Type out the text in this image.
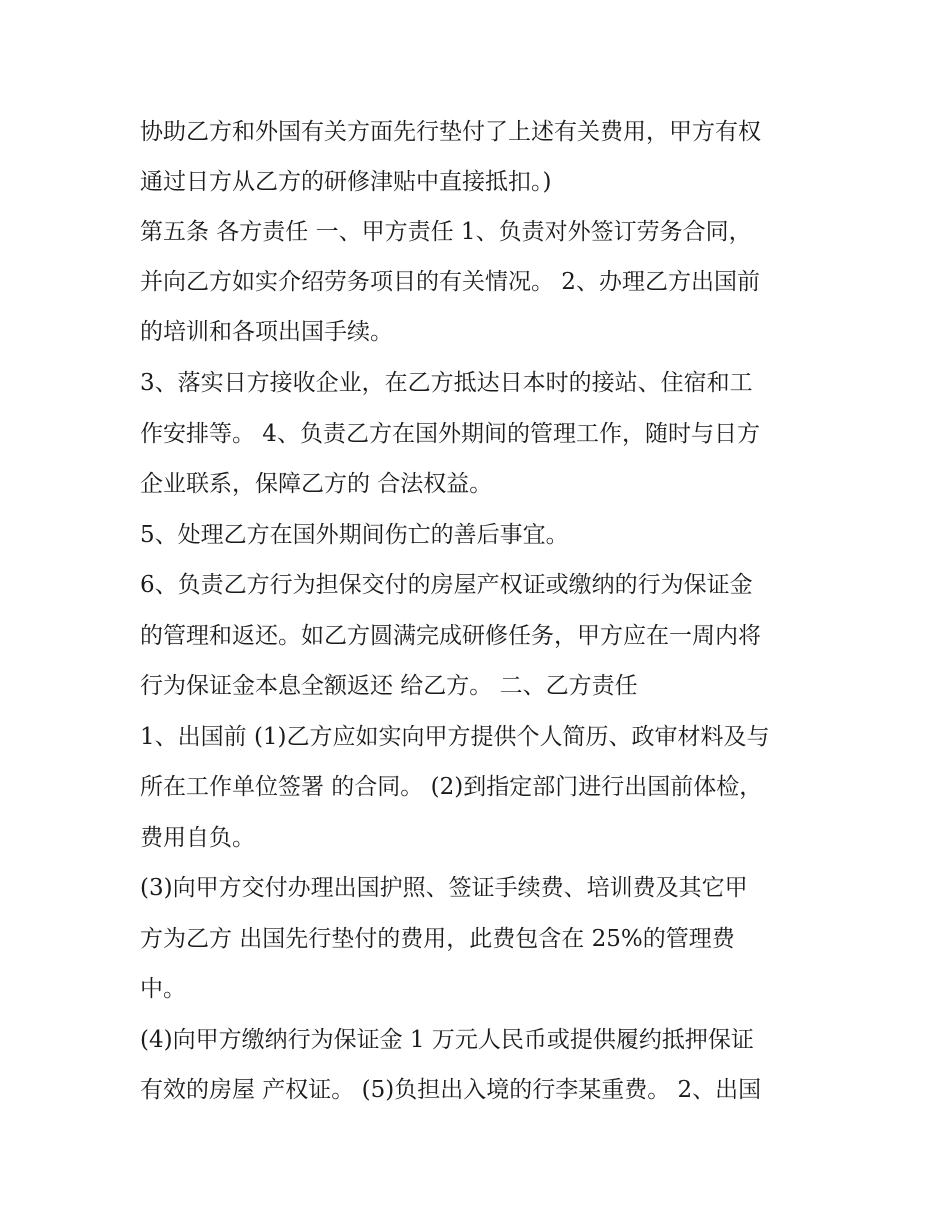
协助乙方和外国有关方面先行垫付了上述有关费用，甲方有权
通过日方从乙方的研修津贴中直接抵扣。)
第五条 各方责任 一、甲方责任 1、负责对外签订劳务合同，
并向乙方如实介绍劳务项目的有关情况。 2、办理乙方出国前
的培训和各项出国手续。
3、落实日方接收企业，在乙方抵达日本时的接站、住宿和工
作安排等。 4、负责乙方在国外期间的管理工作，随时与日方
企业联系，保障乙方的 合法权益。
5、处理乙方在国外期间伤亡的善后事宜。
6、负责乙方行为担保交付的房屋产权证或缴纳的行为保证金
的管理和返还。如乙方圆满完成研修任务，甲方应在一周内将
行为保证金本息全额返还 给乙方。 二、乙方责任
1、出国前 (1)乙方应如实向甲方提供个人简历、政审材料及与
所在工作单位签署 的合同。 (2)到指定部门进行出国前体检，
费用自负。
(3)向甲方交付办理出国护照、签证手续费、培训费及其它甲
方为乙方 出国先行垫付的费用，此费包含在 25%的管理费
中。
(4)向甲方缴纳行为保证金 1 万元人民币或提供履约抵押保证
有效的房屋 产权证。 (5)负担出入境的行李某重费。 2、出国
